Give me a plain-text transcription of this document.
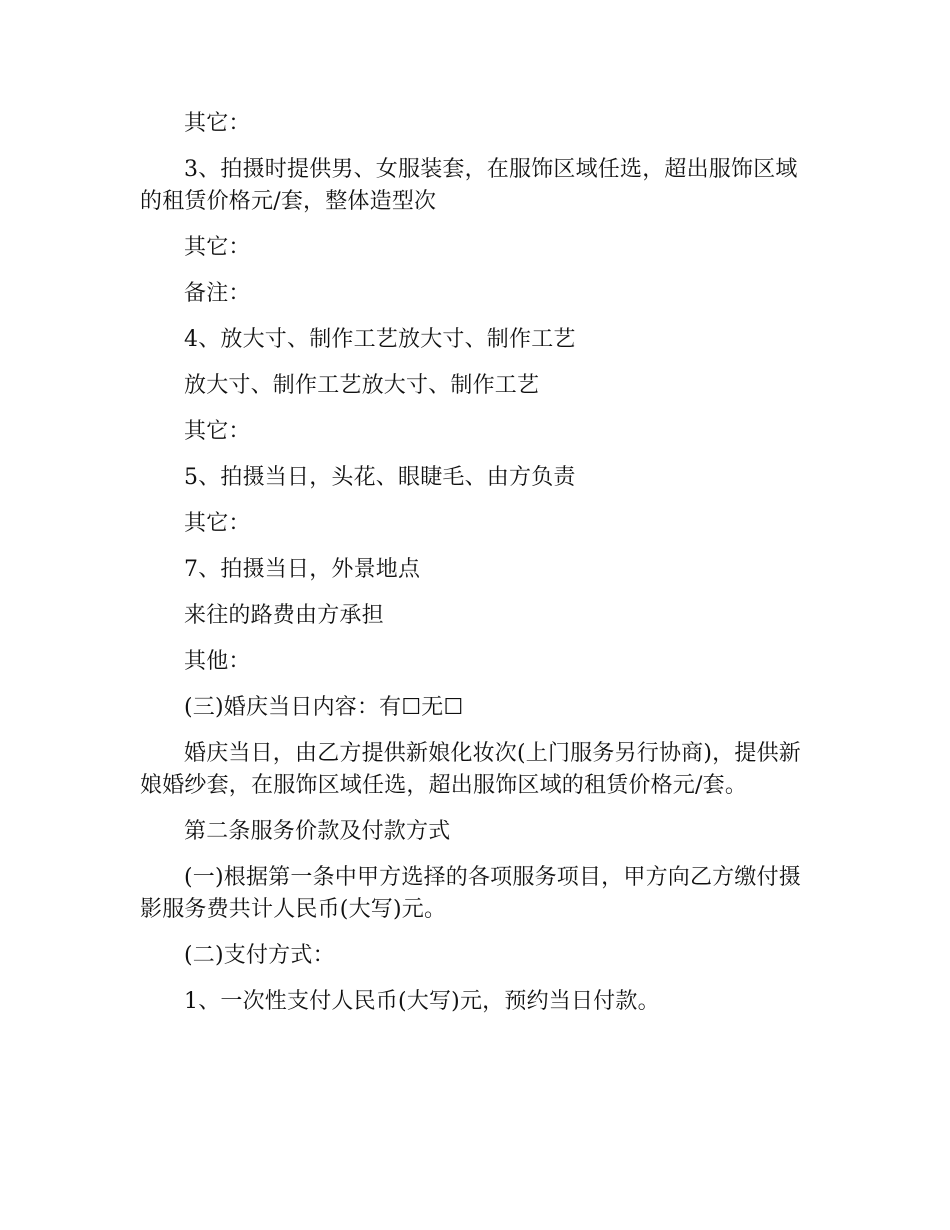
其它：

3、拍摄时提供男、女服装套，在服饰区域任选，超出服饰区域的租赁价格元/套，整体造型次

其它：

备注：

4、放大寸、制作工艺放大寸、制作工艺

放大寸、制作工艺放大寸、制作工艺

其它：

5、拍摄当日，头花、眼睫毛、由方负责

其它：

7、拍摄当日，外景地点

来往的路费由方承担

其他：

(三)婚庆当日内容：有☐无☐

婚庆当日，由乙方提供新娘化妆次(上门服务另行协商)，提供新娘婚纱套，在服饰区域任选，超出服饰区域的租赁价格元/套。

第二条服务价款及付款方式

(一)根据第一条中甲方选择的各项服务项目，甲方向乙方缴付摄影服务费共计人民币(大写)元。

(二)支付方式：

1、一次性支付人民币(大写)元，预约当日付款。
